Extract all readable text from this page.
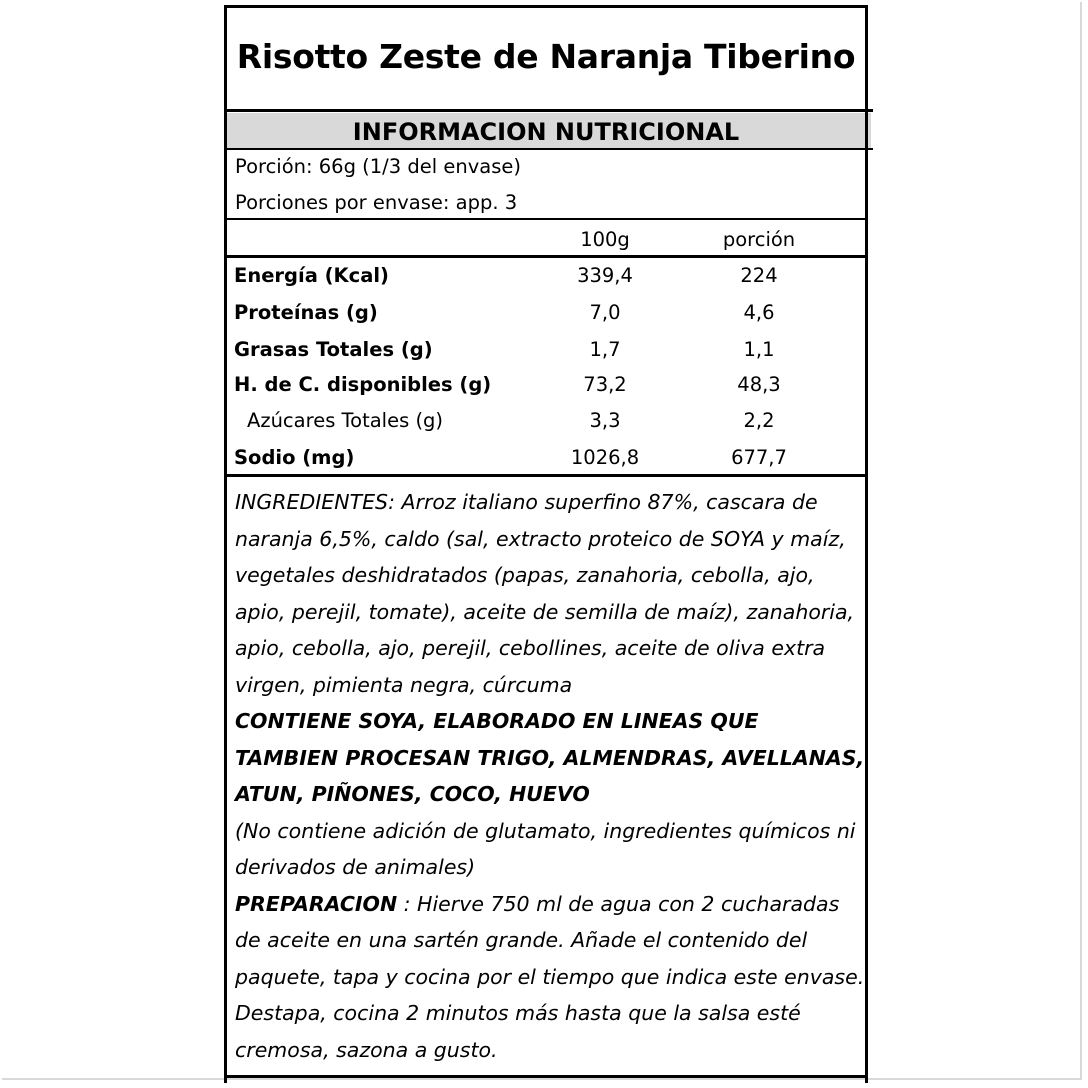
Risotto Zeste de Naranja Tiberino
INFORMACION NUTRICIONAL
Porción: 66g (1/3 del envase)
Porciones por envase: app. 3
100g	porción
Energía (Kcal)	339,4	224
Proteínas (g)	7,0	4,6
Grasas Totales (g)	1,7	1,1
H. de C. disponibles (g)	73,2	48,3
Azúcares Totales (g)	3,3	2,2
Sodio (mg)	1026,8	677,7

INGREDIENTES: Arroz italiano superfino 87%, cascara de naranja 6,5%, caldo (sal, extracto proteico de SOYA y maíz, vegetales deshidratados (papas, zanahoria, cebolla, ajo, apio, perejil, tomate), aceite de semilla de maíz), zanahoria, apio, cebolla, ajo, perejil, cebollines, aceite de oliva extra virgen, pimienta negra, cúrcuma

CONTIENE SOYA, ELABORADO EN LINEAS QUE TAMBIEN PROCESAN TRIGO, ALMENDRAS, AVELLANAS, ATUN, PIÑONES, COCO, HUEVO

(No contiene adición de glutamato, ingredientes químicos ni derivados de animales)

PREPARACION : Hierve 750 ml de agua con 2 cucharadas de aceite en una sartén grande. Añade el contenido del paquete, tapa y cocina por el tiempo que indica este envase. Destapa, cocina 2 minutos más hasta que la salsa esté cremosa, sazona a gusto.
